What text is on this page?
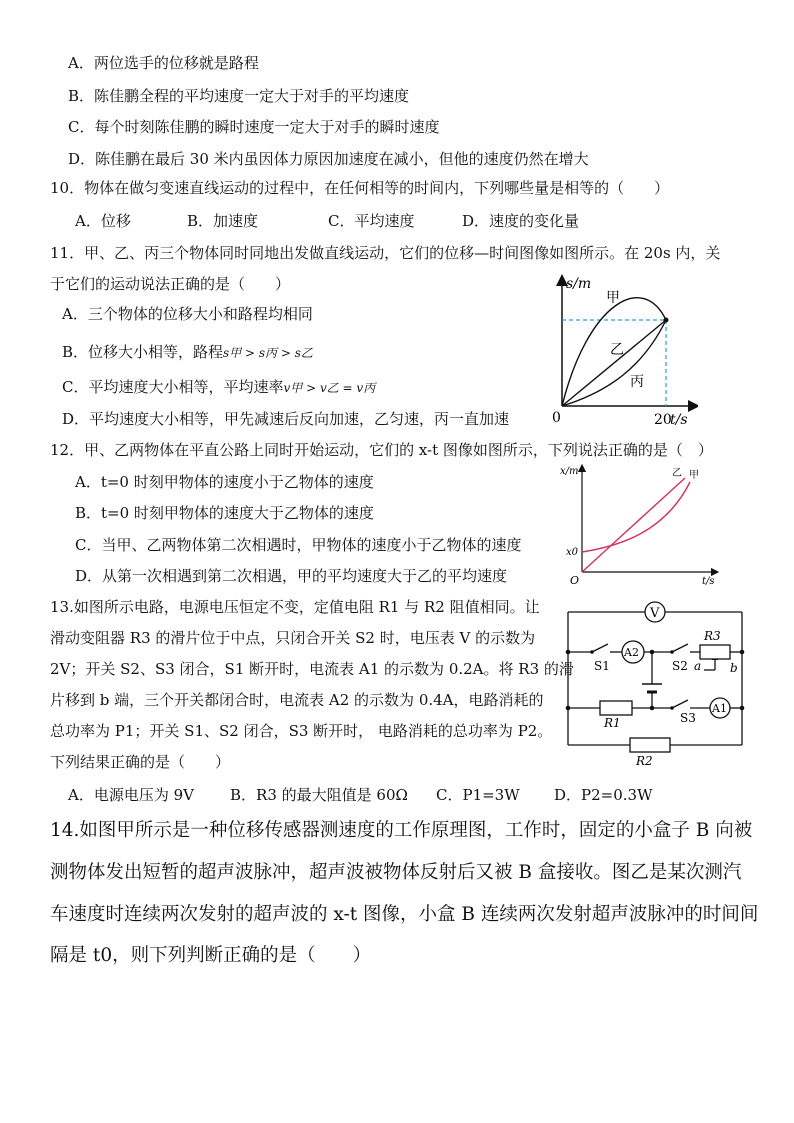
A．两位选手的位移就是路程
B．陈佳鹏全程的平均速度一定大于对手的平均速度
C．每个时刻陈佳鹏的瞬时速度一定大于对手的瞬时速度
D．陈佳鹏在最后 30 米内虽因体力原因加速度在减小，但他的速度仍然在增大
10．物体在做匀变速直线运动的过程中，在任何相等的时间内，下列哪些量是相等的（　　）
A．位移	B．加速度	C．平均速度	D．速度的变化量
11．甲、乙、丙三个物体同时同地出发做直线运动，它们的位移—时间图像如图所示。在 20s 内，关
于它们的运动说法正确的是（　　）
A．三个物体的位移大小和路程均相同
B．位移大小相等，路程s甲 > s丙 > s乙
C．平均速度大小相等，平均速率v甲 > v乙 = v丙
D．平均速度大小相等，甲先减速后反向加速，乙匀速，丙一直加速
s/m
t/s
0	20
甲
乙
丙
12．甲、乙两物体在平直公路上同时开始运动，它们的 x-t 图像如图所示，下列说法正确的是（　）
A．t=0 时刻甲物体的速度小于乙物体的速度
B．t=0 时刻甲物体的速度大于乙物体的速度
C．当甲、乙两物体第二次相遇时，甲物体的速度小于乙物体的速度
D．从第一次相遇到第二次相遇，甲的平均速度大于乙的平均速度
x/m
t/s
O
x0
乙 甲
13.如图所示电路，电源电压恒定不变，定值电阻 R1 与 R2 阻值相同。让
滑动变阻器 R3 的滑片位于中点，只闭合开关 S2 时，电压表 V 的示数为
2V；开关 S2、S3 闭合，S1 断开时，电流表 A1 的示数为 0.2A。将 R3 的滑
片移到 b 端，三个开关都闭合时，电流表 A2 的示数为 0.4A，电路消耗的
总功率为 P1；开关 S1、S2 闭合，S3 断开时， 电路消耗的总功率为 P2。
下列结果正确的是（　　）
A．电源电压为 9V B．R3 的最大阻值是 60Ω C．P1=3W D．P2=0.3W
V
A2
A1
R3
R1
R2
S1	S2
S3
a b
14.如图甲所示是一种位移传感器测速度的工作原理图，工作时，固定的小盒子 B 向被
测物体发出短暂的超声波脉冲，超声波被物体反射后又被 B 盒接收。图乙是某次测汽
车速度时连续两次发射的超声波的 x-t 图像，小盒 B 连续两次发射超声波脉冲的时间间
隔是 t0，则下列判断正确的是（　　）
